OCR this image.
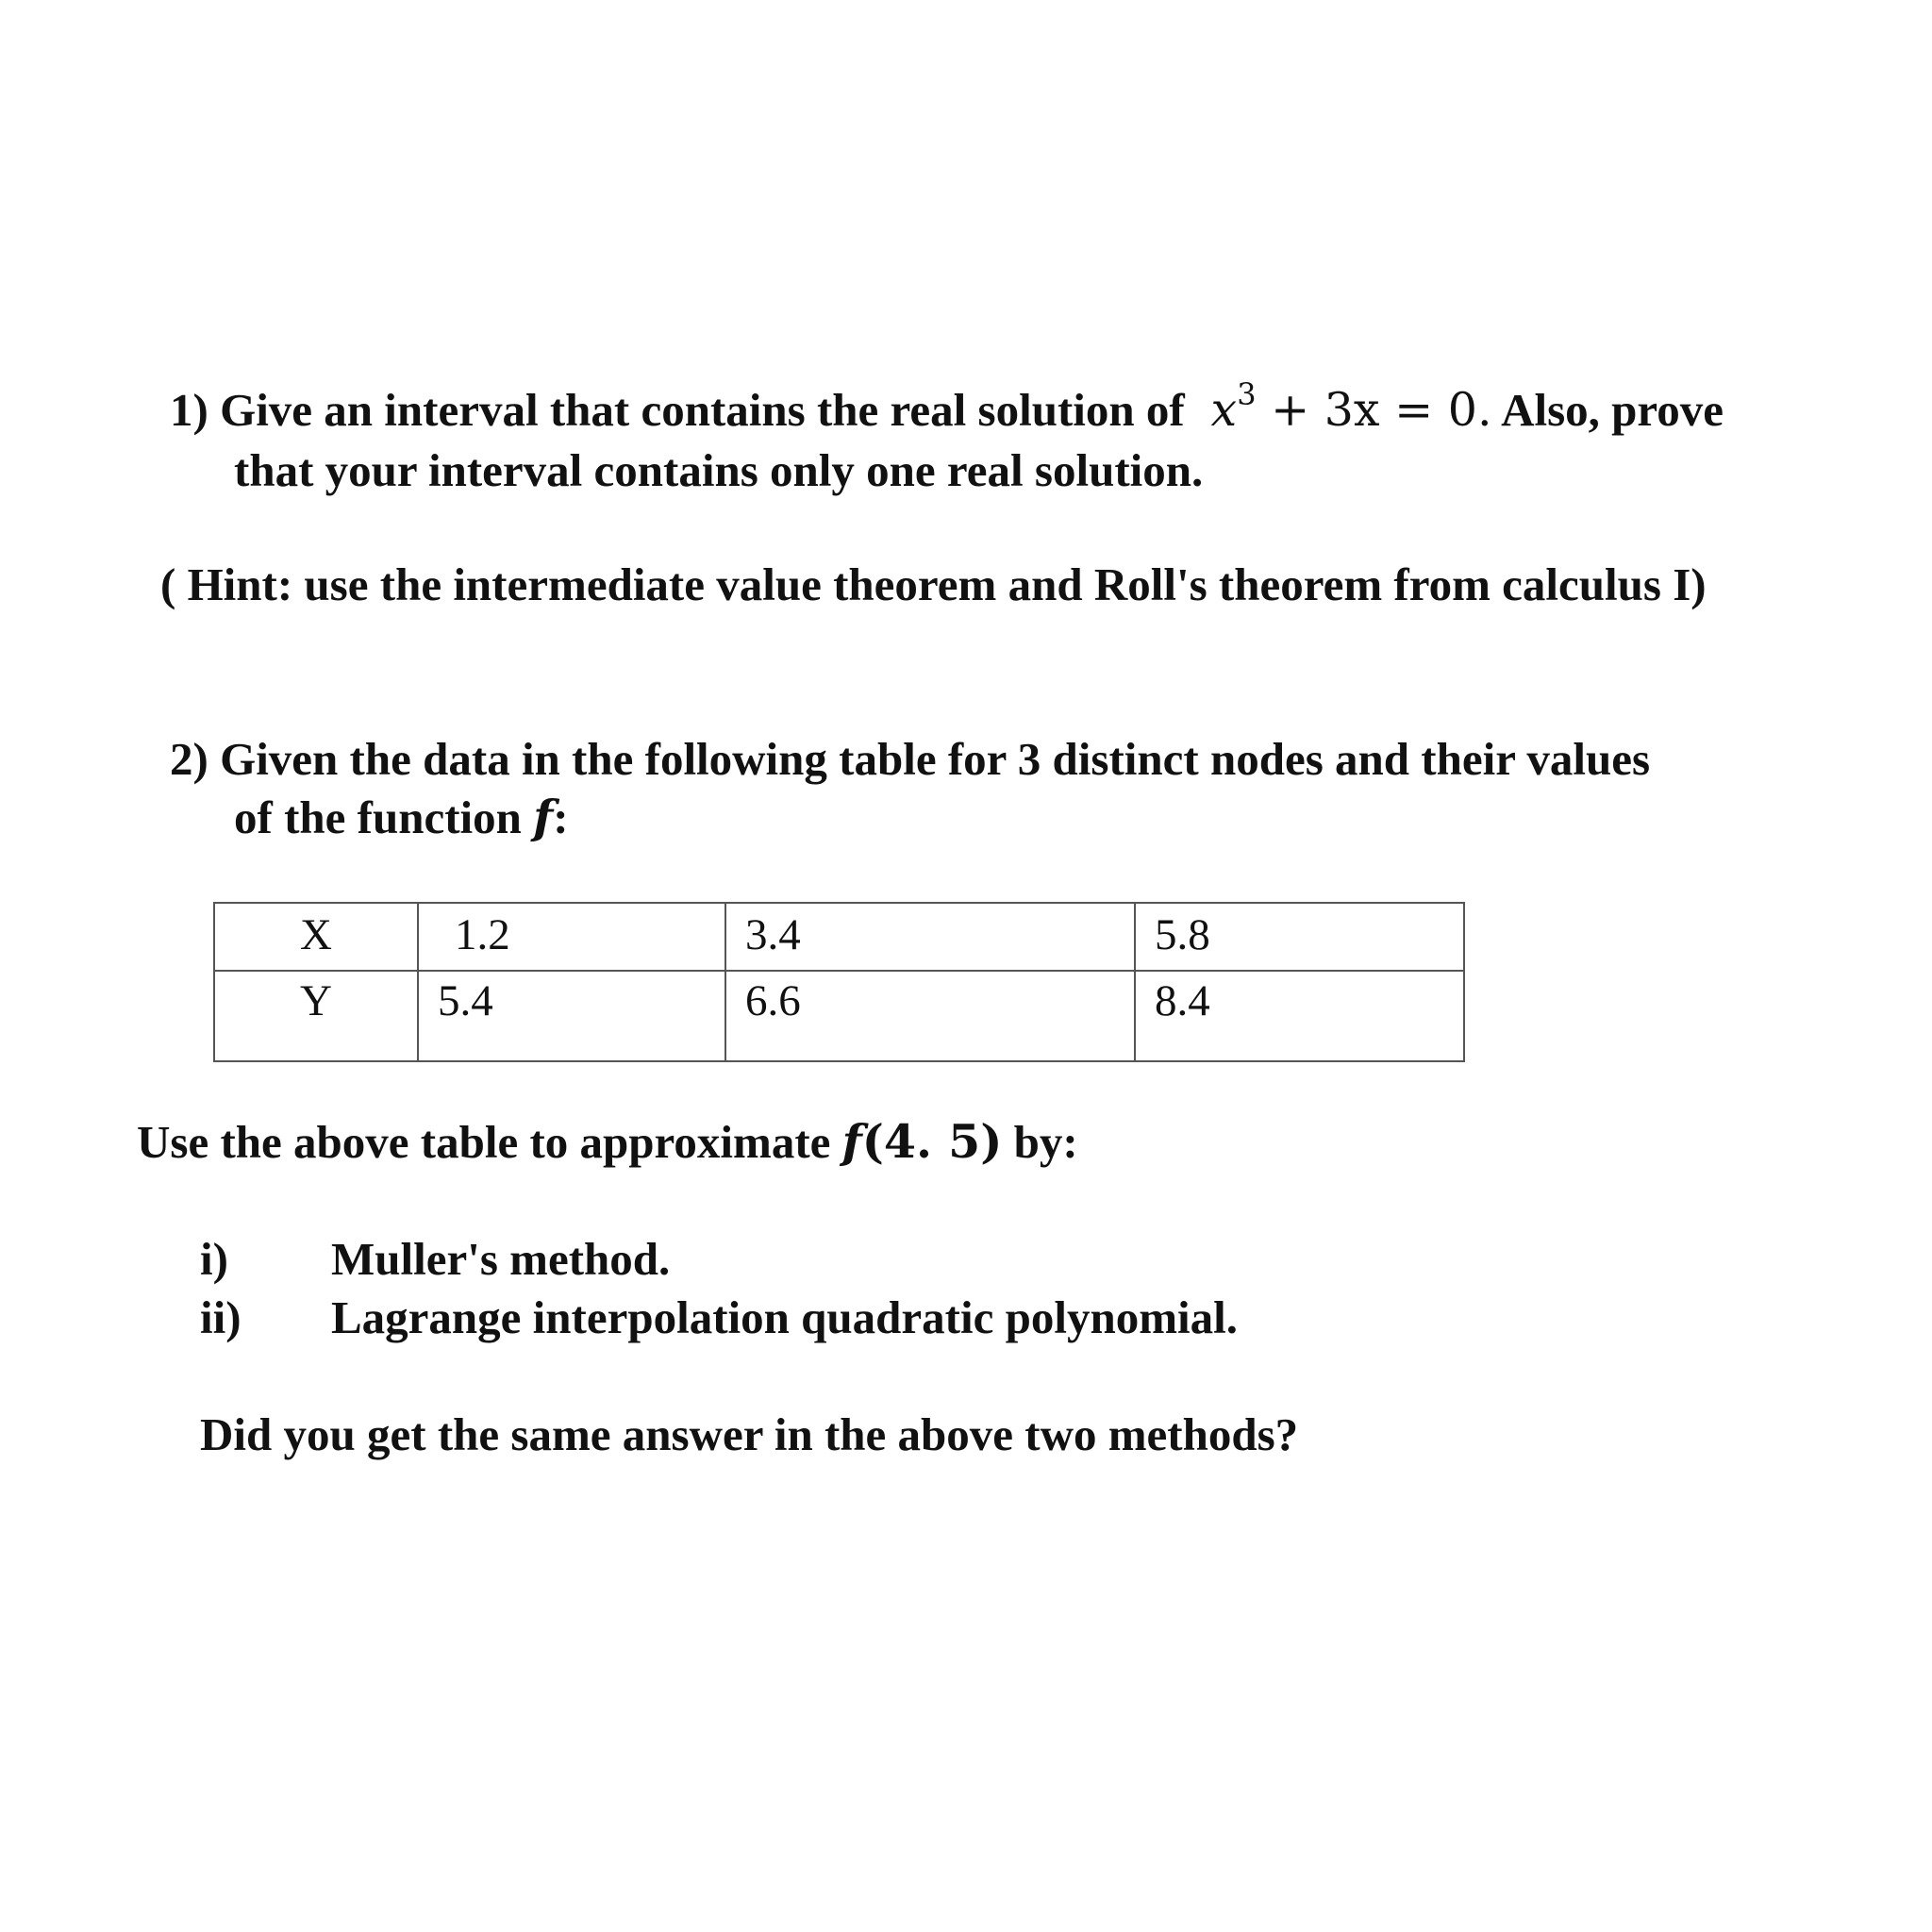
1) Give an interval that contains the real solution of $x^3 + 3x = 0$. Also, prove
that your interval contains only one real solution.
( Hint: use the intermediate value theorem and Roll's theorem from calculus I)
2) Given the data in the following table for 3 distinct nodes and their values
of the function f:
X	1.2	3.4	5.8
Y	5.4	6.6	8.4
Use the above table to approximate f(4. 5) by:
i) Muller's method.
ii) Lagrange interpolation quadratic polynomial.
Did you get the same answer in the above two methods?
